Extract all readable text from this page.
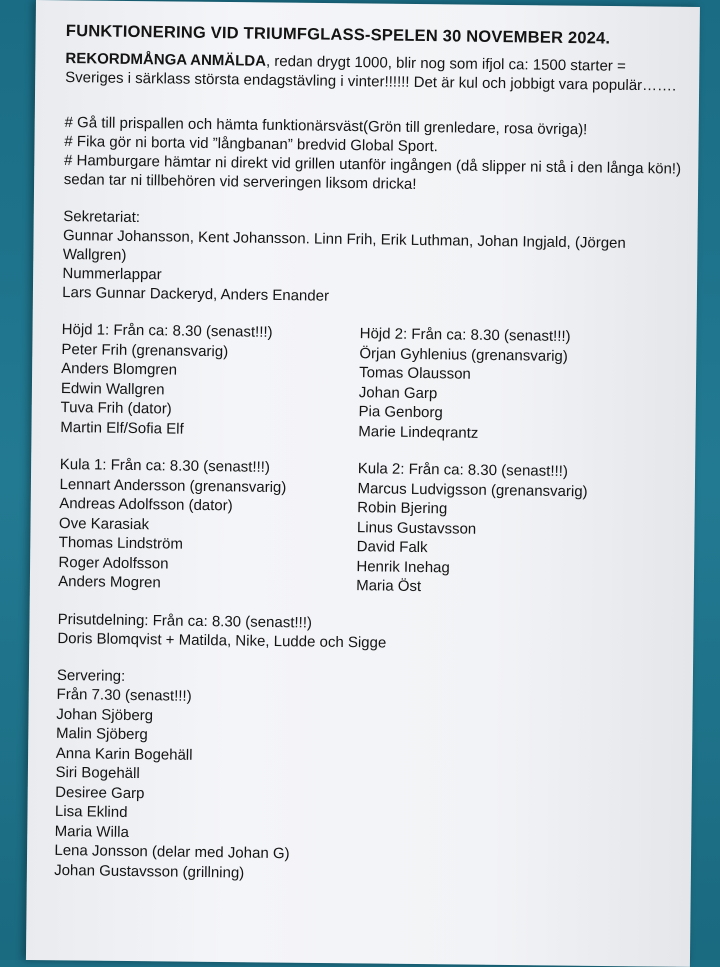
FUNKTIONERING VID TRIUMFGLASS-SPELEN 30 NOVEMBER 2024.

REKORDMÅNGA ANMÄLDA, redan drygt 1000, blir nog som ifjol ca: 1500 starter = Sveriges i särklass största endagstävling i vinter!!!!!! Det är kul och jobbigt vara populär…….

# Gå till prispallen och hämta funktionärsväst(Grön till grenledare, rosa övriga)!

# Fika gör ni borta vid ”långbanan” bredvid Global Sport.

# Hamburgare hämtar ni direkt vid grillen utanför ingången (då slipper ni stå i den långa kön!) sedan tar ni tillbehören vid serveringen liksom dricka!

Sekretariat:

Gunnar Johansson, Kent Johansson. Linn Frih, Erik Luthman, Johan Ingjald, (Jörgen Wallgren)

Nummerlappar

Lars Gunnar Dackeryd, Anders Enander

Höjd 1: Från ca: 8.30 (senast!!!)

Peter Frih (grenansvarig)

Anders Blomgren

Edwin Wallgren

Tuva Frih (dator)

Martin Elf/Sofia Elf

Höjd 2: Från ca: 8.30 (senast!!!)

Örjan Gyhlenius (grenansvarig)

Tomas Olausson

Johan Garp

Pia Genborg

Marie Lindeqrantz

Kula 1: Från ca: 8.30 (senast!!!)

Lennart Andersson (grenansvarig)

Andreas Adolfsson (dator)

Ove Karasiak

Thomas Lindström

Roger Adolfsson

Anders Mogren

Kula 2: Från ca: 8.30 (senast!!!)

Marcus Ludvigsson (grenansvarig)

Robin Bjering

Linus Gustavsson

David Falk

Henrik Inehag

Maria Öst

Prisutdelning: Från ca: 8.30 (senast!!!)

Doris Blomqvist + Matilda, Nike, Ludde och Sigge

Servering:

Från 7.30 (senast!!!)

Johan Sjöberg

Malin Sjöberg

Anna Karin Bogehäll

Siri Bogehäll

Desiree Garp

Lisa Eklind

Maria Willa

Lena Jonsson (delar med Johan G)

Johan Gustavsson (grillning)
